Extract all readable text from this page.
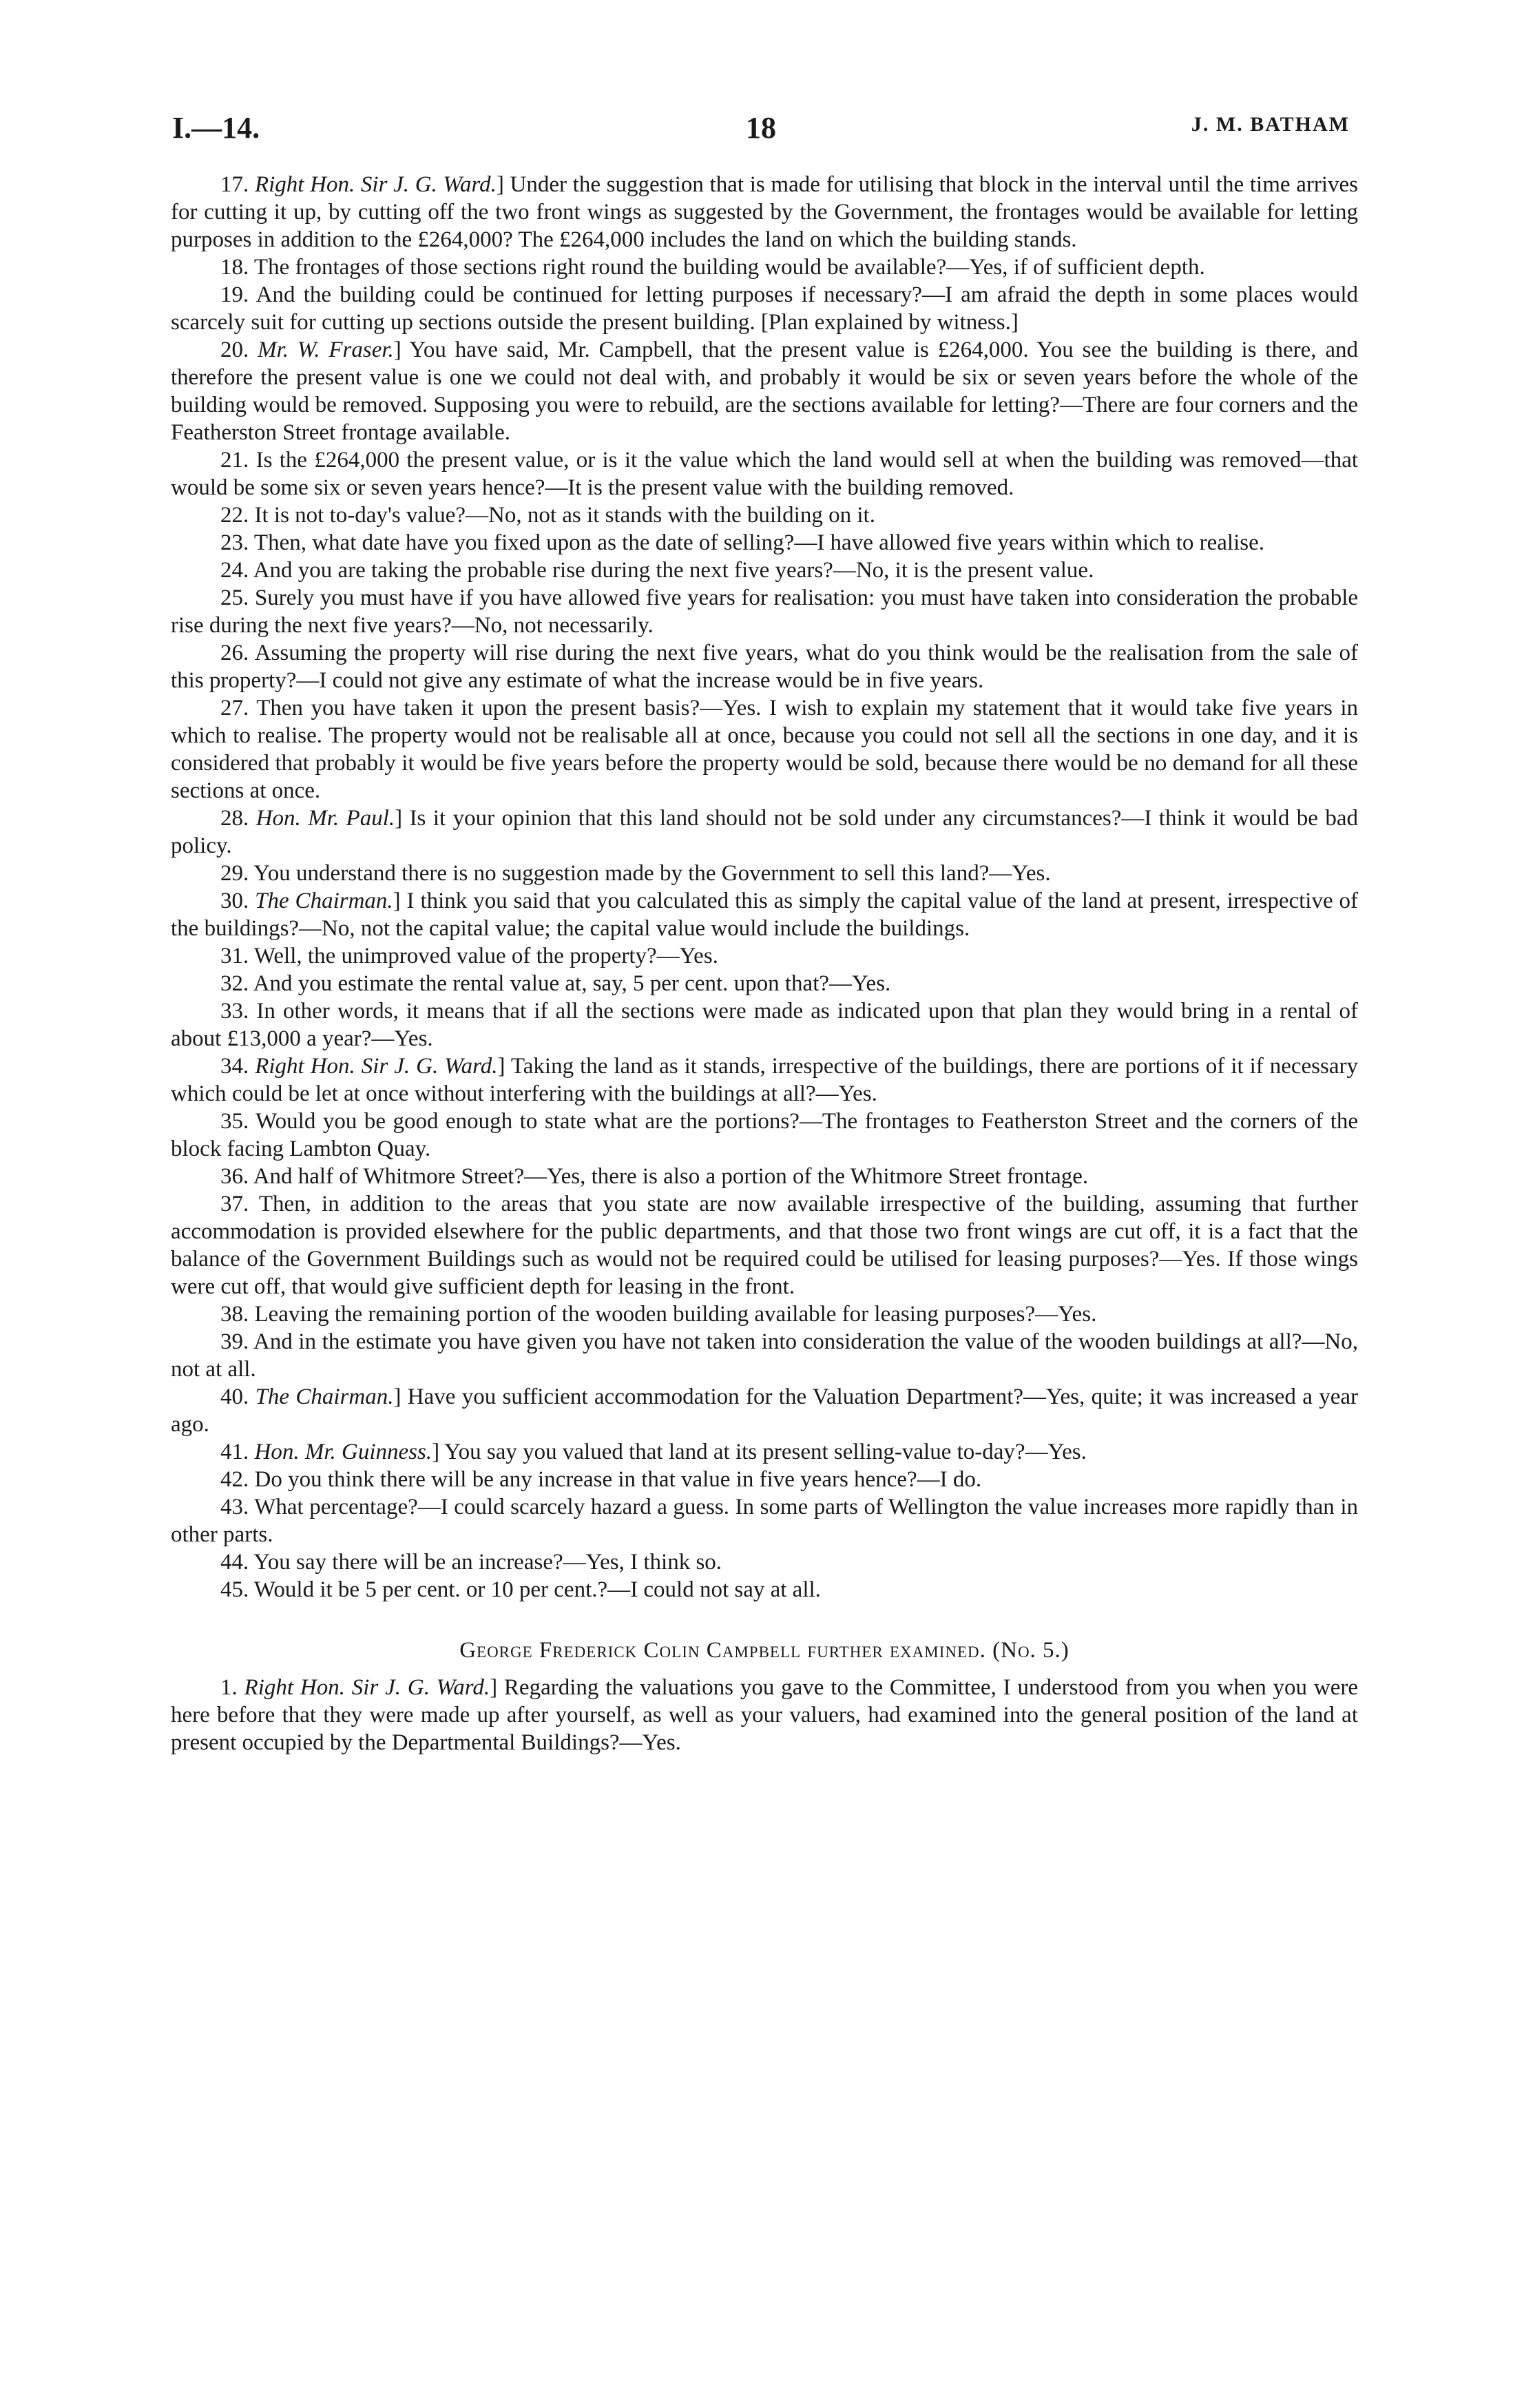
I.—14.	18	J. M. BATHAM

17. Right Hon. Sir J. G. Ward.] Under the suggestion that is made for utilising that block in the interval until the time arrives for cutting it up, by cutting off the two front wings as suggested by the Government, the frontages would be available for letting purposes in addition to the £264,000? The £264,000 includes the land on which the building stands.

18. The frontages of those sections right round the building would be available?—Yes, if of sufficient depth.

19. And the building could be continued for letting purposes if necessary?—I am afraid the depth in some places would scarcely suit for cutting up sections outside the present building. [Plan explained by witness.]

20. Mr. W. Fraser.] You have said, Mr. Campbell, that the present value is £264,000. You see the building is there, and therefore the present value is one we could not deal with, and probably it would be six or seven years before the whole of the building would be removed. Supposing you were to rebuild, are the sections available for letting?—There are four corners and the Featherston Street frontage available.

21. Is the £264,000 the present value, or is it the value which the land would sell at when the building was removed—that would be some six or seven years hence?—It is the present value with the building removed.

22. It is not to-day's value?—No, not as it stands with the building on it.

23. Then, what date have you fixed upon as the date of selling?—I have allowed five years within which to realise.

24. And you are taking the probable rise during the next five years?—No, it is the present value.

25. Surely you must have if you have allowed five years for realisation: you must have taken into consideration the probable rise during the next five years?—No, not necessarily.

26. Assuming the property will rise during the next five years, what do you think would be the realisation from the sale of this property?—I could not give any estimate of what the increase would be in five years.

27. Then you have taken it upon the present basis?—Yes. I wish to explain my statement that it would take five years in which to realise. The property would not be realisable all at once, because you could not sell all the sections in one day, and it is considered that probably it would be five years before the property would be sold, because there would be no demand for all these sections at once.

28. Hon. Mr. Paul.] Is it your opinion that this land should not be sold under any circumstances?—I think it would be bad policy.

29. You understand there is no suggestion made by the Government to sell this land?—Yes.

30. The Chairman.] I think you said that you calculated this as simply the capital value of the land at present, irrespective of the buildings?—No, not the capital value; the capital value would include the buildings.

31. Well, the unimproved value of the property?—Yes.

32. And you estimate the rental value at, say, 5 per cent. upon that?—Yes.

33. In other words, it means that if all the sections were made as indicated upon that plan they would bring in a rental of about £13,000 a year?—Yes.

34. Right Hon. Sir J. G. Ward.] Taking the land as it stands, irrespective of the buildings, there are portions of it if necessary which could be let at once without interfering with the buildings at all?—Yes.

35. Would you be good enough to state what are the portions?—The frontages to Featherston Street and the corners of the block facing Lambton Quay.

36. And half of Whitmore Street?—Yes, there is also a portion of the Whitmore Street frontage.

37. Then, in addition to the areas that you state are now available irrespective of the building, assuming that further accommodation is provided elsewhere for the public departments, and that those two front wings are cut off, it is a fact that the balance of the Government Buildings such as would not be required could be utilised for leasing purposes?—Yes. If those wings were cut off, that would give sufficient depth for leasing in the front.

38. Leaving the remaining portion of the wooden building available for leasing purposes?—Yes.

39. And in the estimate you have given you have not taken into consideration the value of the wooden buildings at all?—No, not at all.

40. The Chairman.] Have you sufficient accommodation for the Valuation Department?—Yes, quite; it was increased a year ago.

41. Hon. Mr. Guinness.] You say you valued that land at its present selling-value to-day?—Yes.

42. Do you think there will be any increase in that value in five years hence?—I do.

43. What percentage?—I could scarcely hazard a guess. In some parts of Wellington the value increases more rapidly than in other parts.

44. You say there will be an increase?—Yes, I think so.

45. Would it be 5 per cent. or 10 per cent.?—I could not say at all.

George Frederick Colin Campbell further examined. (No. 5.)

1. Right Hon. Sir J. G. Ward.] Regarding the valuations you gave to the Committee, I understood from you when you were here before that they were made up after yourself, as well as your valuers, had examined into the general position of the land at present occupied by the Departmental Buildings?—Yes.
